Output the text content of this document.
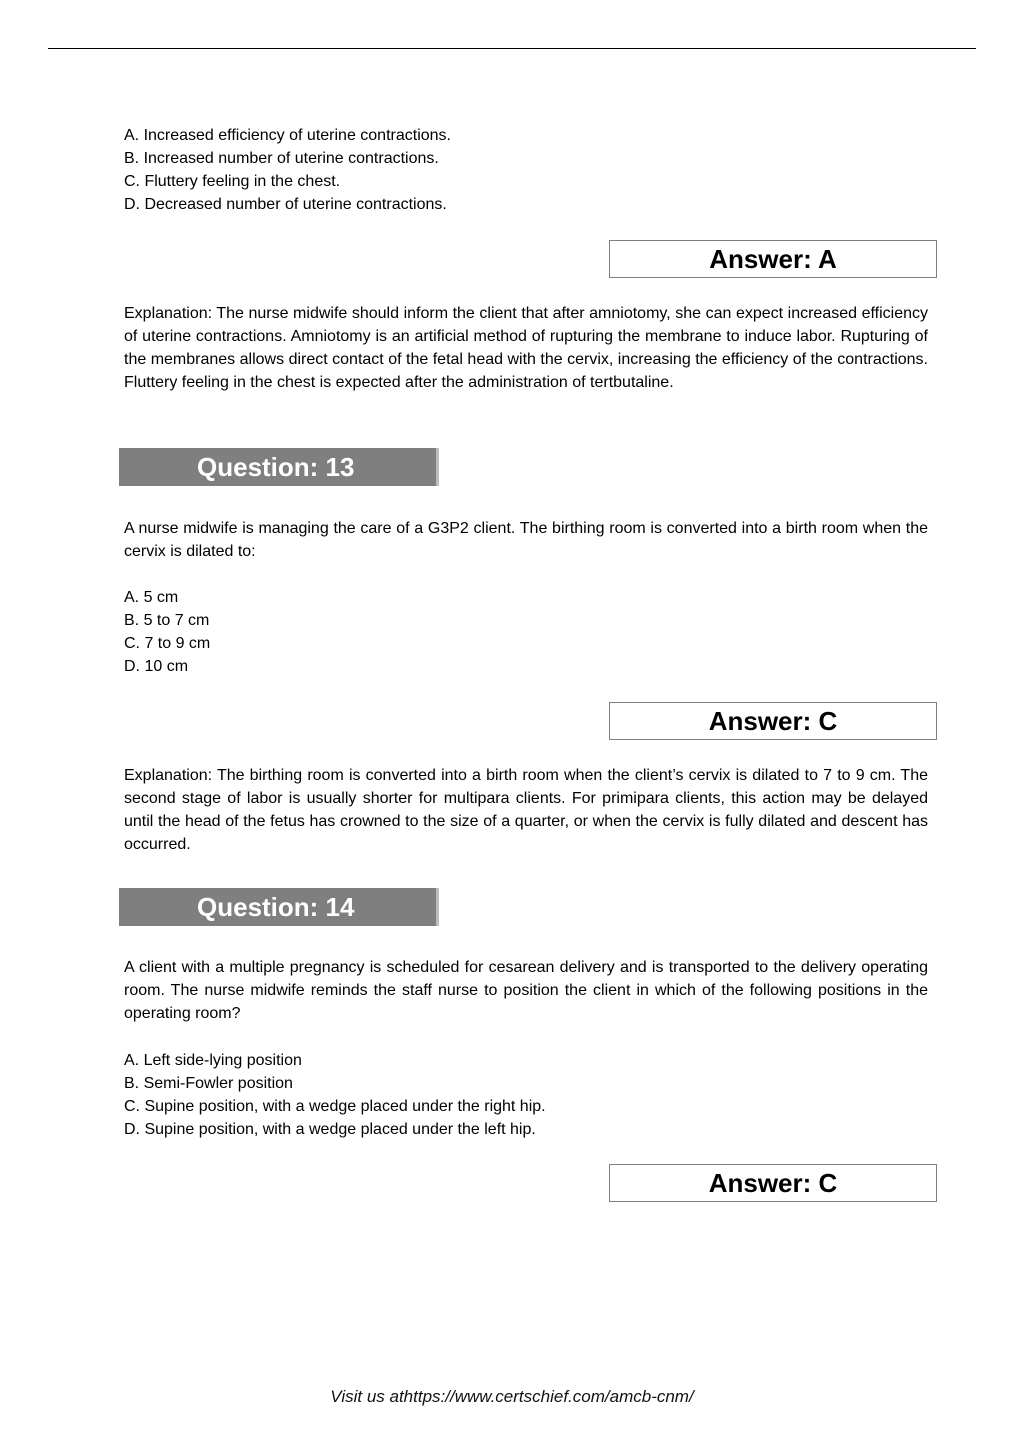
A. Increased efficiency of uterine contractions.
B. Increased number of uterine contractions.
C. Fluttery feeling in the chest.
D. Decreased number of uterine contractions.
Answer: A
Explanation: The nurse midwife should inform the client that after amniotomy, she can expect increased efficiency of uterine contractions. Amniotomy is an artificial method of rupturing the membrane to induce labor. Rupturing of the membranes allows direct contact of the fetal head with the cervix, increasing the efficiency of the contractions. Fluttery feeling in the chest is expected after the administration of tertbutaline.
Question: 13
A nurse midwife is managing the care of a G3P2 client. The birthing room is converted into a birth room when the cervix is dilated to:
A. 5 cm
B. 5 to 7 cm
C. 7 to 9 cm
D. 10 cm
Answer: C
Explanation: The birthing room is converted into a birth room when the client’s cervix is dilated to 7 to 9 cm. The second stage of labor is usually shorter for multipara clients. For primipara clients, this action may be delayed until the head of the fetus has crowned to the size of a quarter, or when the cervix is fully dilated and descent has occurred.
Question: 14
A client with a multiple pregnancy is scheduled for cesarean delivery and is transported to the delivery operating room. The nurse midwife reminds the staff nurse to position the client in which of the following positions in the operating room?
A. Left side-lying position
B. Semi-Fowler position
C. Supine position, with a wedge placed under the right hip.
D. Supine position, with a wedge placed under the left hip.
Answer: C
Visit us athttps://www.certschief.com/amcb-cnm/
